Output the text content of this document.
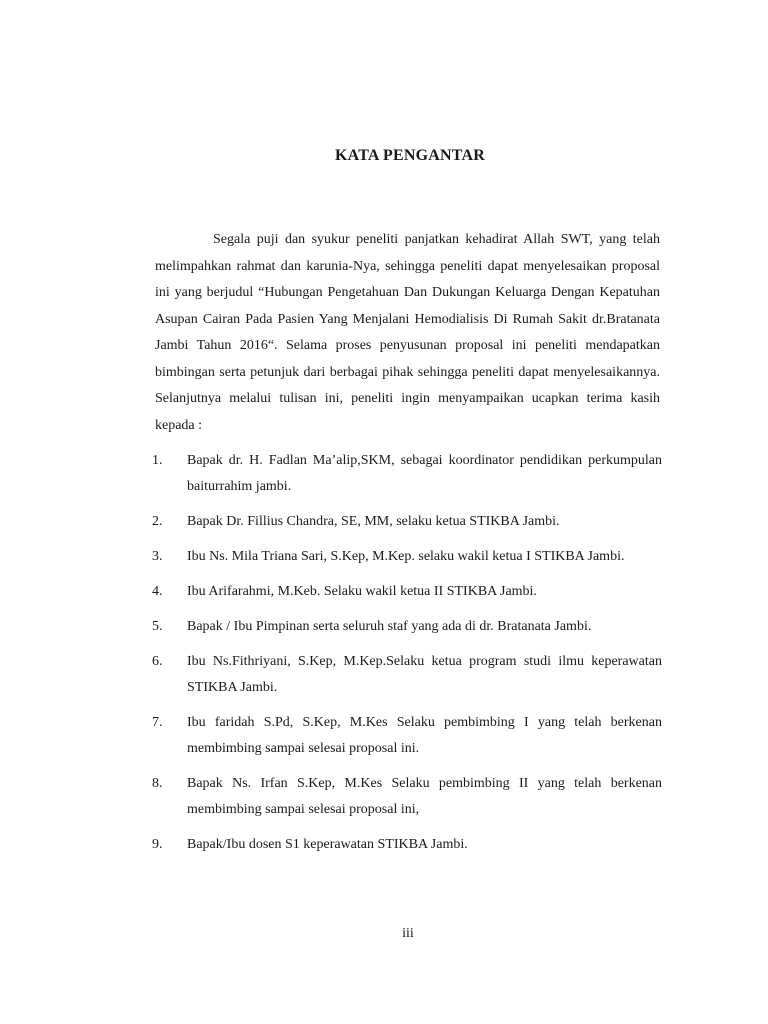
KATA PENGANTAR

Segala puji dan syukur peneliti panjatkan kehadirat Allah SWT, yang telah melimpahkan rahmat dan karunia-Nya, sehingga peneliti dapat menyelesaikan proposal ini yang berjudul “Hubungan Pengetahuan Dan Dukungan Keluarga Dengan Kepatuhan Asupan Cairan Pada Pasien Yang Menjalani Hemodialisis Di Rumah Sakit dr.Bratanata Jambi Tahun 2016“. Selama proses penyusunan proposal ini peneliti mendapatkan bimbingan serta petunjuk dari berbagai pihak sehingga peneliti dapat menyelesaikannya. Selanjutnya melalui tulisan ini, peneliti ingin menyampaikan ucapkan terima kasih kepada :

1. Bapak dr. H. Fadlan Ma’alip,SKM, sebagai koordinator pendidikan perkumpulan baiturrahim jambi.
2. Bapak Dr. Fillius Chandra, SE, MM, selaku ketua STIKBA Jambi.
3. Ibu Ns. Mila Triana Sari, S.Kep, M.Kep. selaku wakil ketua I STIKBA Jambi.
4. Ibu Arifarahmi, M.Keb. Selaku wakil ketua II STIKBA Jambi.
5. Bapak / Ibu Pimpinan serta seluruh staf yang ada di dr. Bratanata Jambi.
6. Ibu Ns.Fithriyani, S.Kep, M.Kep.Selaku ketua program studi ilmu keperawatan STIKBA Jambi.
7. Ibu faridah S.Pd, S.Kep, M.Kes Selaku pembimbing I yang telah berkenan membimbing sampai selesai proposal ini.
8. Bapak Ns. Irfan S.Kep, M.Kes Selaku pembimbing II yang telah berkenan membimbing sampai selesai proposal ini,
9. Bapak/Ibu dosen S1 keperawatan STIKBA Jambi.
iii
